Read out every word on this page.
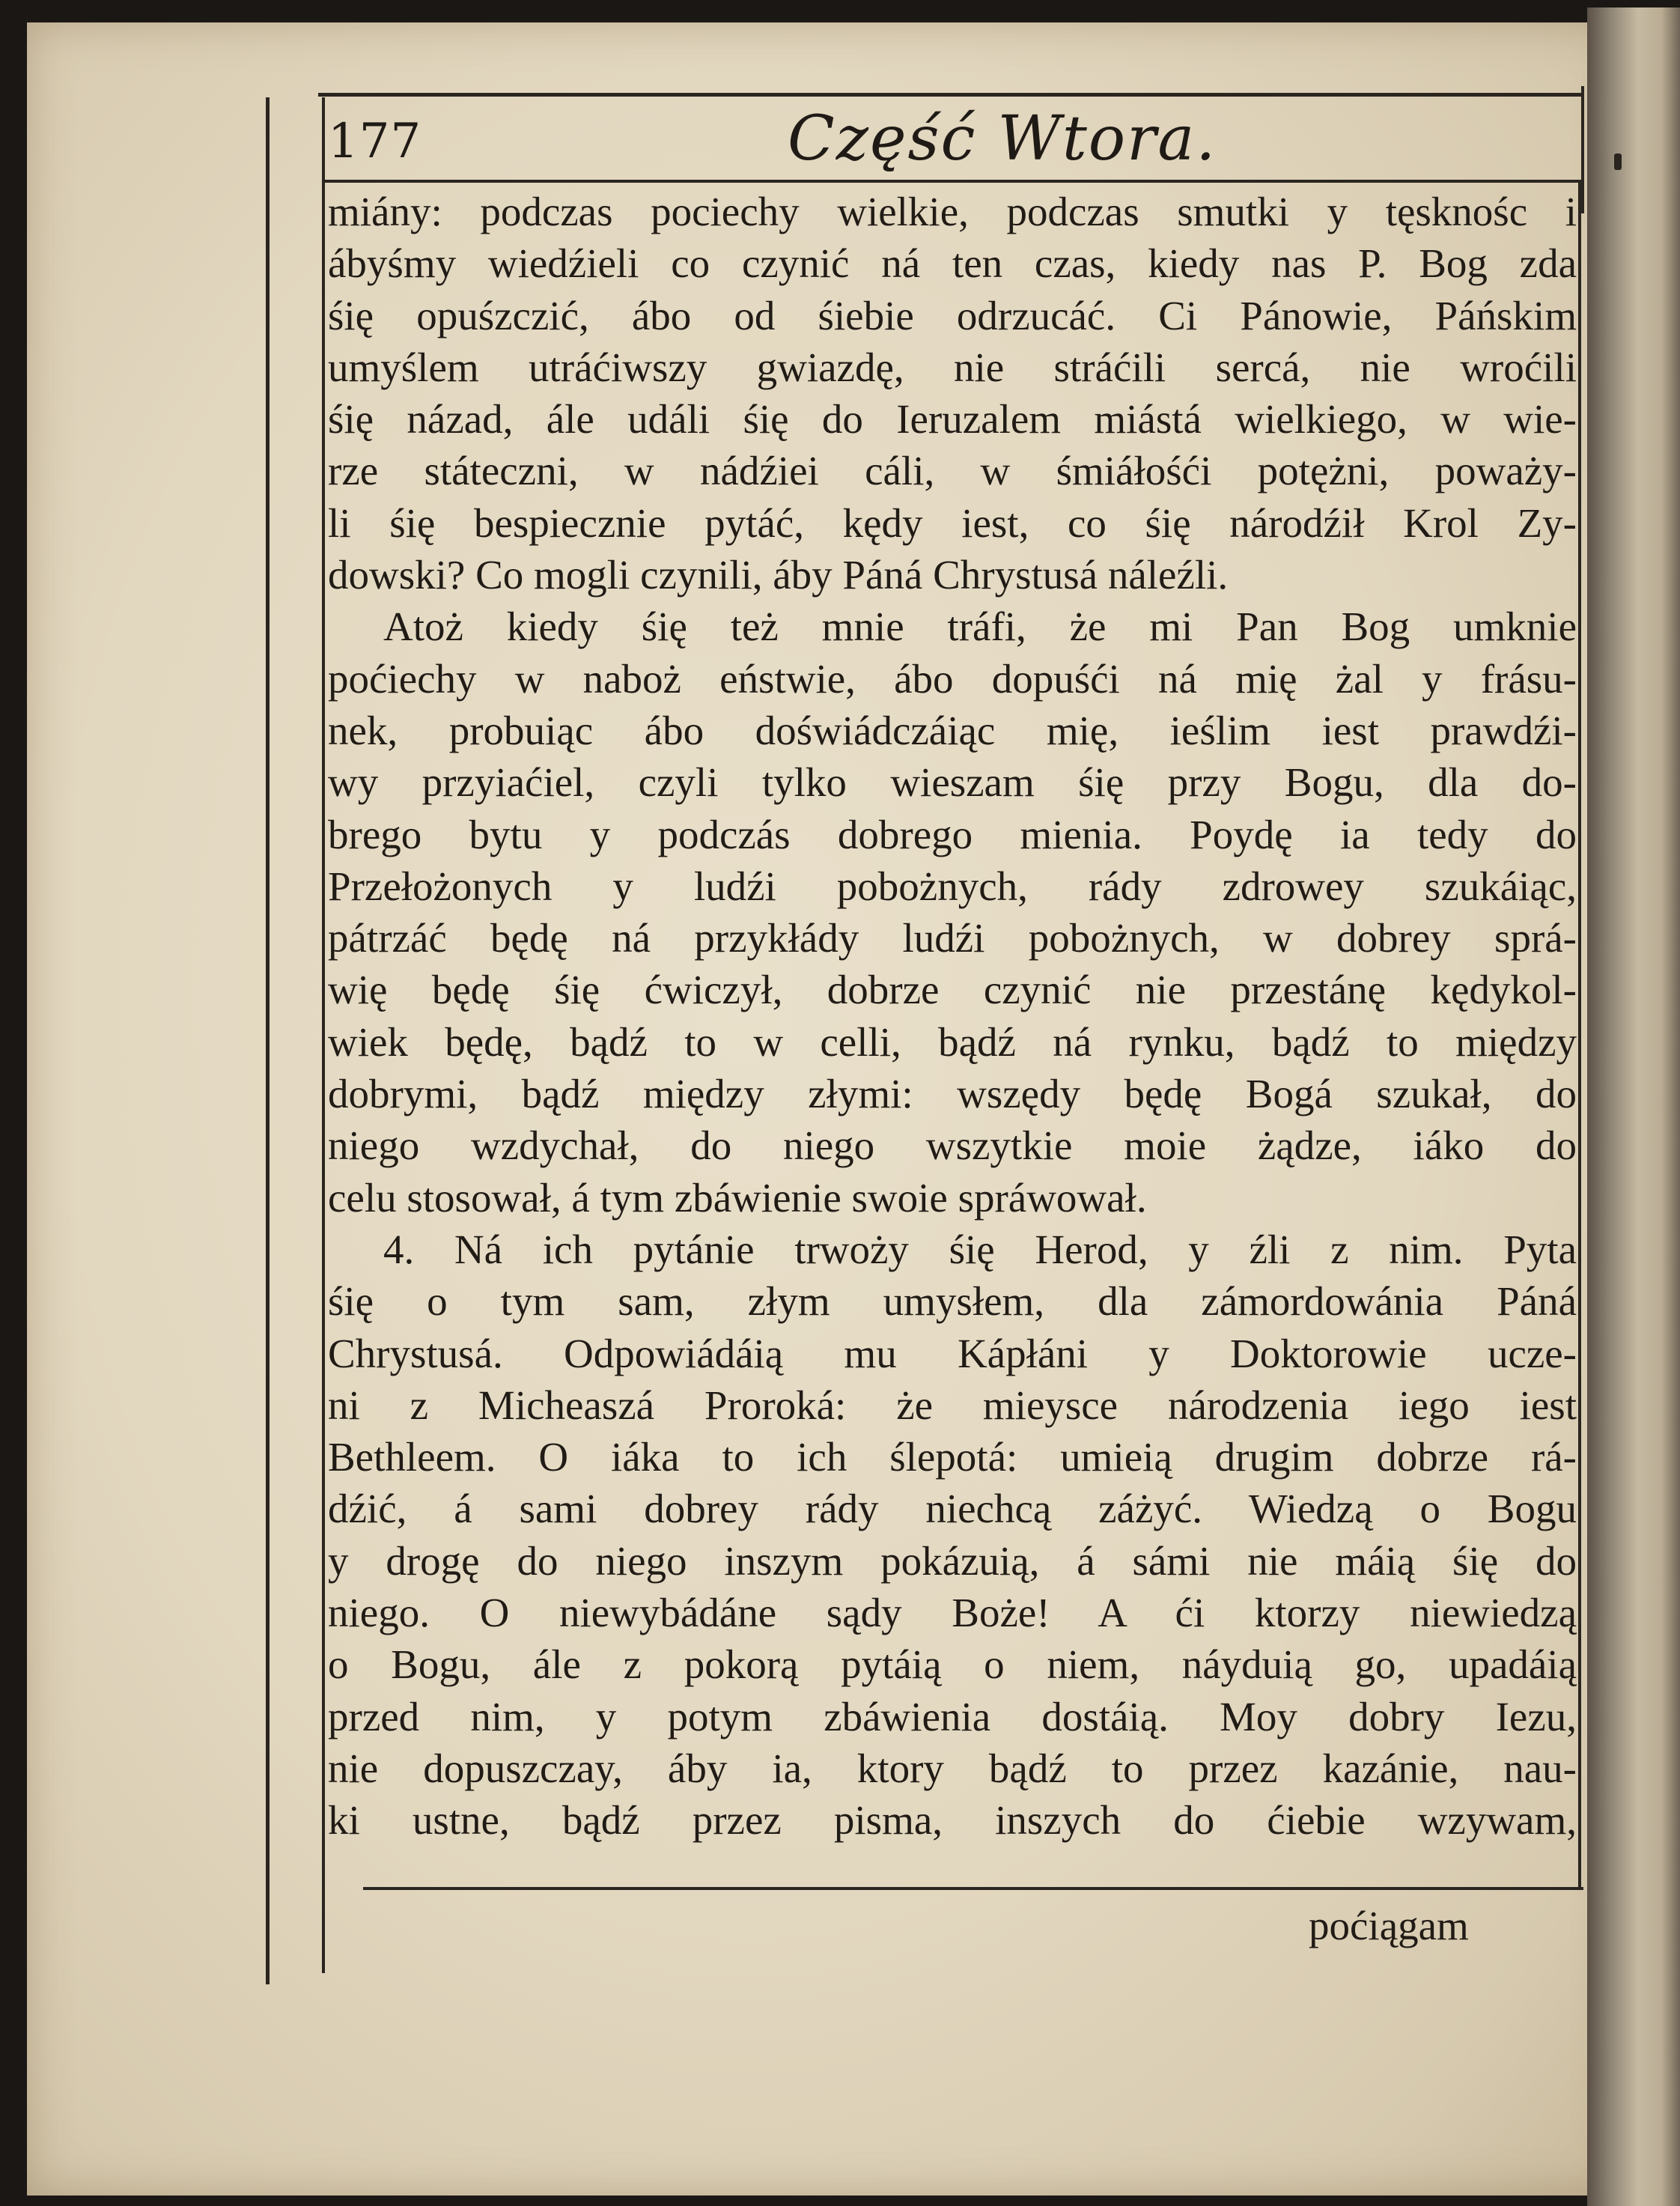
177	Część Wtora.
miány: podczas pociechy wielkie, podczas smutki y tęsknośc i
ábyśmy wiedźieli co czynić ná ten czas, kiedy nas P. Bog zda
śię opuśzczić, ábo od śiebie odrzucáć. Ci Pánowie, Páńskim
umyślem utráćiwszy gwiazdę, nie stráćili sercá, nie wroćili
śię názad, ále událi śię do Ieruzalem miástá wielkiego, w wie-
rze státeczni, w nádźiei cáli, w śmiáłośći potężni, poważy-
li śię bespiecznie pytáć, kędy iest, co śię národźił Krol Zy-
dowski? Co mogli czynili, áby Páná Chrystusá náleźli.
Atoż kiedy śię też mnie tráfi, że mi Pan Bog umknie
poćiechy w naboż eństwie, ábo dopuśći ná mię żal y frásu-
nek, probuiąc ábo doświádczáiąc mię, ieślim iest prawdźi-
wy przyiaćiel, czyli tylko wieszam śię przy Bogu, dla do-
brego bytu y podczás dobrego mienia. Poydę ia tedy do
Przełożonych y ludźi pobożnych, rády zdrowey szukáiąc,
pátrzáć będę ná przykłády ludźi pobożnych, w dobrey sprá-
wię będę śię ćwiczył, dobrze czynić nie przestánę kędykol-
wiek będę, bądź to w celli, bądź ná rynku, bądź to między
dobrymi, bądź między złymi: wszędy będę Bogá szukał, do
niego wzdychał, do niego wszytkie moie żądze, iáko do
celu stosował, á tym zbáwienie swoie spráwował.
4. Ná ich pytánie trwoży śię Herod, y źli z nim. Pyta
śię o tym sam, złym umysłem, dla zámordowánia Páná
Chrystusá. Odpowiádáią mu Kápłáni y Doktorowie ucze-
ni z Micheaszá Proroká: że mieysce národzenia iego iest
Bethleem. O iáka to ich ślepotá: umieią drugim dobrze rá-
dźić, á sami dobrey rády niechcą záżyć. Wiedzą o Bogu
y drogę do niego inszym pokázuią, á sámi nie máią śię do
niego. O niewybádáne sądy Boże! A ći ktorzy niewiedzą
o Bogu, ále z pokorą pytáią o niem, náyduią go, upadáią
przed nim, y potym zbáwienia dostáią. Moy dobry Iezu,
nie dopuszczay, áby ia, ktory bądź to przez kazánie, nau-
ki ustne, bądź przez pisma, inszych do ćiebie wzywam,
poćiągam
